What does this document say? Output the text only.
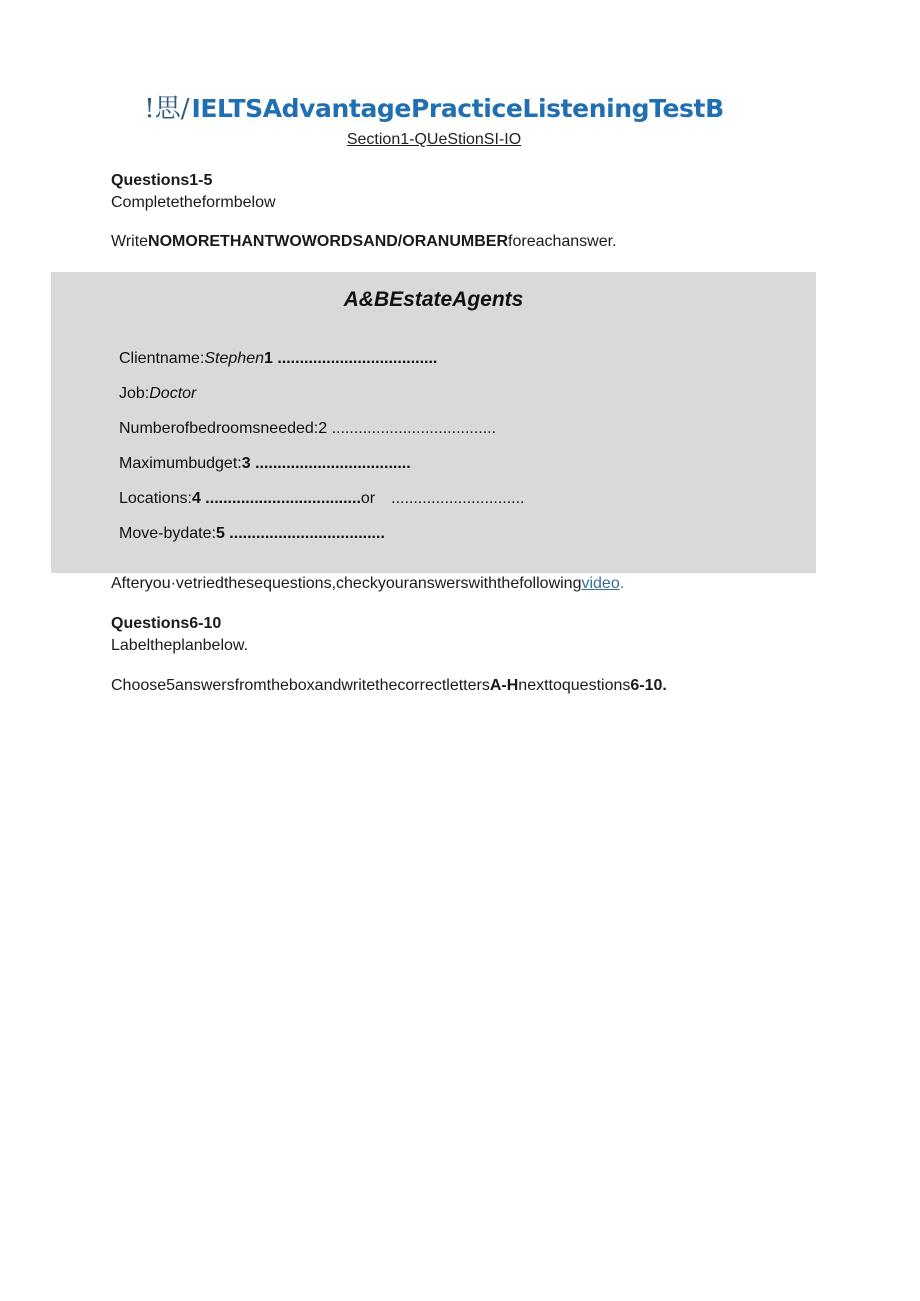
!思/IELTSAdvantagePracticeListeningTestB
Section1-QUeStionSI-IO
Questions1-5
Completetheformbelow
WriteNOMORETHANTWOWORDSAND/ORANUMBERforeachanswer.
A&BEstateAgents
Clientname:Stephen1 ....................................
Job:Doctor
Numberofbedroomsneeded:2 .....................................
Maximumbudget:3 ...................................
Locations:4 ...................................or ..............................
Move-bydate:5 ...................................
Afteryou·vetriedthesequestions,checkyouranswerswiththefollowingvideo.
Questions6-10
Labeltheplanbelow.
Choose5answersfromtheboxandwritethecorrectlettersA-Hnexttoquestions6-10.
